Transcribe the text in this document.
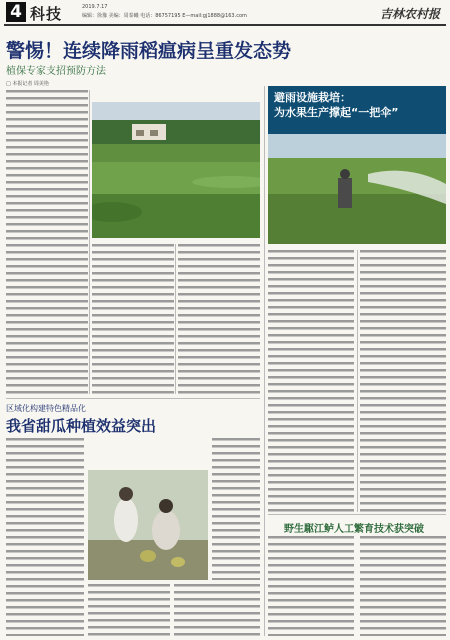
4 科技	2019.7.17
编辑：徐豫 美编：周泰曦 电话：86757195 E—mail:gj1888@163.com	吉林农村报
警惕！连续降雨稻瘟病呈重发态势
植保专家支招预防方法
□ 本报记者 周美艳
避雨设施栽培：
为水果生产撑起“一把伞”
区域化构建特色精品化
我省甜瓜种植效益突出
野生駆江鲈人工繁育技术获突破
